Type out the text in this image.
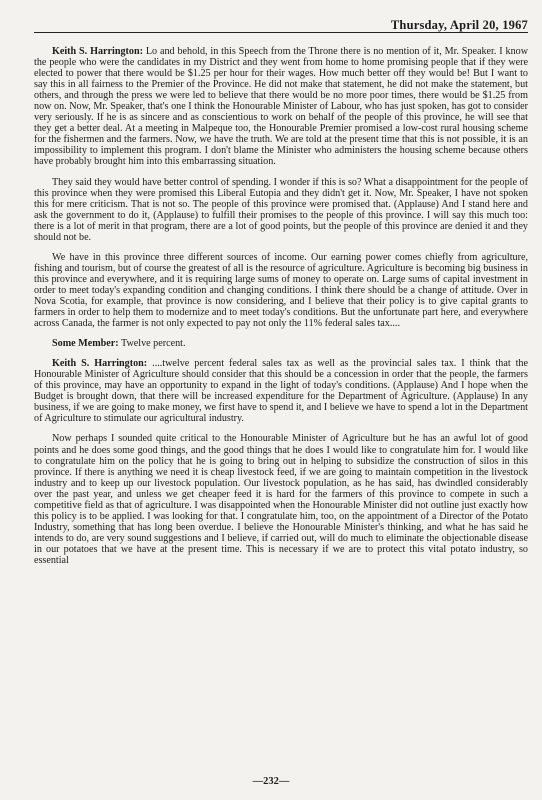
Thursday, April 20, 1967

Keith S. Harrington: Lo and behold, in this Speech from the Throne there is no mention of it, Mr. Speaker. I know the people who were the candidates in my District and they went from home to home promising people that if they were elected to power that there would be $1.25 per hour for their wages. How much better off they would be! But I want to say this in all fairness to the Premier of the Province. He did not make that statement, he did not make the statement, but others, and through the press we were led to believe that there would be no more poor times, there would be $1.25 from now on. Now, Mr. Speaker, that's one I think the Honourable Minister of Labour, who has just spoken, has got to consider very seriously. If he is as sincere and as conscientious to work on behalf of the people of this province, he will see that they get a better deal. At a meeting in Malpeque too, the Honourable Premier promised a low-cost rural housing scheme for the fishermen and the farmers. Now, we have the truth. We are told at the present time that this is not possible, it is an impossibility to implement this program. I don't blame the Minister who administers the housing scheme because others have probably brought him into this embarrassing situation.

They said they would have better control of spending. I wonder if this is so? What a disappointment for the people of this province when they were promised this Liberal Eutopia and they didn't get it. Now, Mr. Speaker, I have not spoken this for mere criticism. That is not so. The people of this province were promised that. (Applause) And I stand here and ask the government to do it, (Applause) to fulfill their promises to the people of this province. I will say this much too: there is a lot of merit in that program, there are a lot of good points, but the people of this province are denied it and they should not be.

We have in this province three different sources of income. Our earning power comes chiefly from agriculture, fishing and tourism, but of course the greatest of all is the resource of agriculture. Agriculture is becoming big business in this province and everywhere, and it is requiring large sums of money to operate on. Large sums of capital investment in order to meet today's expanding condition and changing conditions. I think there should be a change of attitude. Over in Nova Scotia, for example, that province is now considering, and I believe that their policy is to give capital grants to farmers in order to help them to modernize and to meet today's conditions. But the unfortunate part here, and everywhere across Canada, the farmer is not only expected to pay not only the 11% federal sales tax....

Some Member: Twelve percent.

Keith S. Harrington: ....twelve percent federal sales tax as well as the provincial sales tax. I think that the Honourable Minister of Agriculture should consider that this should be a concession in order that the people, the farmers of this province, may have an opportunity to expand in the light of today's conditions. (Applause) And I hope when the Budget is brought down, that there will be increased expenditure for the Department of Agriculture. (Applause) In any business, if we are going to make money, we first have to spend it, and I believe we have to spend a lot in the Department of Agriculture to stimulate our agricultural industry.

Now perhaps I sounded quite critical to the Honourable Minister of Agriculture but he has an awful lot of good points and he does some good things, and the good things that he does I would like to congratulate him for. I would like to congratulate him on the policy that he is going to bring out in helping to subsidize the construction of silos in this province. If there is anything we need it is cheap livestock feed, if we are going to maintain competition in the livestock industry and to keep up our livestock population. Our livestock population, as he has said, has dwindled considerably over the past year, and unless we get cheaper feed it is hard for the farmers of this province to compete in such a competitive field as that of agriculture. I was disappointed when the Honourable Minister did not outline just exactly how this policy is to be applied. I was looking for that. I congratulate him, too, on the appointment of a Director of the Potato Industry, something that has long been overdue. I believe the Honourable Minister's thinking, and what he has said he intends to do, are very sound suggestions and I believe, if carried out, will do much to eliminate the objectionable disease in our potatoes that we have at the present time. This is necessary if we are to protect this vital potato industry, so essential

—232—
